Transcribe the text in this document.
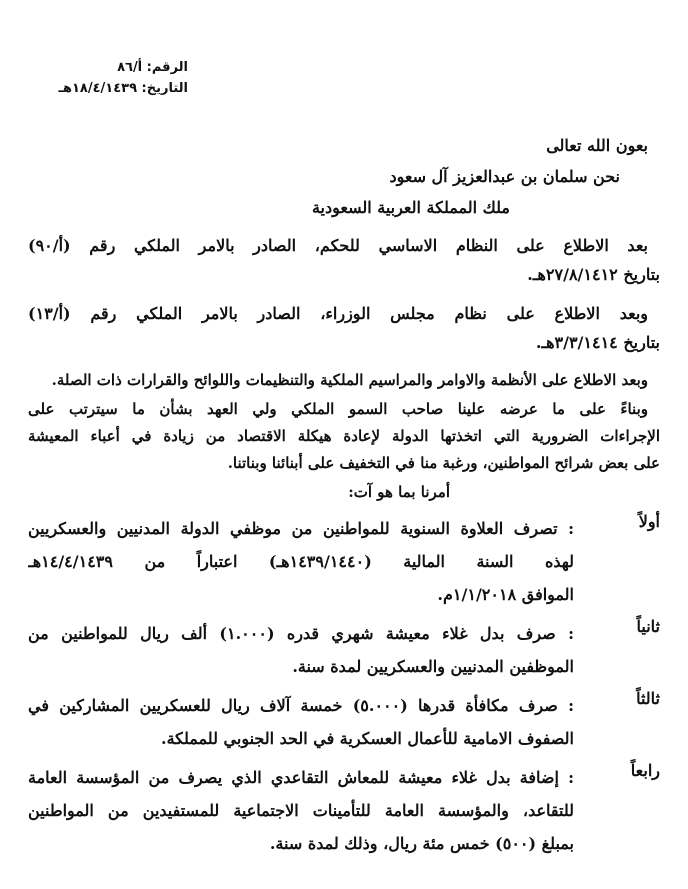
الرقم: أ/٨٦
التاريخ: ١٨/٤/١٤٣٩هـ
بعون الله تعالى
نحن سلمان بن عبدالعزيز آل سعود
ملك المملكة العربية السعودية
بعد الاطلاع على النظام الاساسي للحكم، الصادر بالامر الملكي رقم (أ/٩٠)
بتاريخ ٢٧/٨/١٤١٢هـ.
وبعد الاطلاع على نظام مجلس الوزراء، الصادر بالامر الملكي رقم (أ/١٣)
بتاريخ ٣/٣/١٤١٤هـ.
وبعد الاطلاع على الأنظمة والاوامر والمراسيم الملكية والتنظيمات واللوائح والقرارات ذات الصلة.
وبناءً على ما عرضه علينا صاحب السمو الملكي ولي العهد بشأن ما سيترتب على
الإجراءات الضرورية التي اتخذتها الدولة لإعادة هيكلة الاقتصاد من زيادة في أعباء المعيشة
على بعض شرائح المواطنين، ورغبة منا في التخفيف على أبنائنا وبناتنا.
أمرنا بما هو آت:
أولاً
: تصرف العلاوة السنوية للمواطنين من موظفي الدولة المدنيين والعسكريين
لهذه السنة المالية (١٤٣٩/١٤٤٠هـ) اعتباراً من ١٤/٤/١٤٣٩هـ
الموافق ١/١/٢٠١٨م.
ثانياً
: صرف بدل غلاء معيشة شهري قدره (١.٠٠٠) ألف ريال للمواطنين من
الموظفين المدنيين والعسكريين لمدة سنة.
ثالثاً
: صرف مكافأة قدرها (٥.٠٠٠) خمسة آلاف ريال للعسكريين المشاركين في
الصفوف الامامية للأعمال العسكرية في الحد الجنوبي للمملكة.
رابعاً
: إضافة بدل غلاء معيشة للمعاش التقاعدي الذي يصرف من المؤسسة العامة
للتقاعد، والمؤسسة العامة للتأمينات الاجتماعية للمستفيدين من المواطنين
بمبلغ (٥٠٠) خمس مئة ريال، وذلك لمدة سنة.
